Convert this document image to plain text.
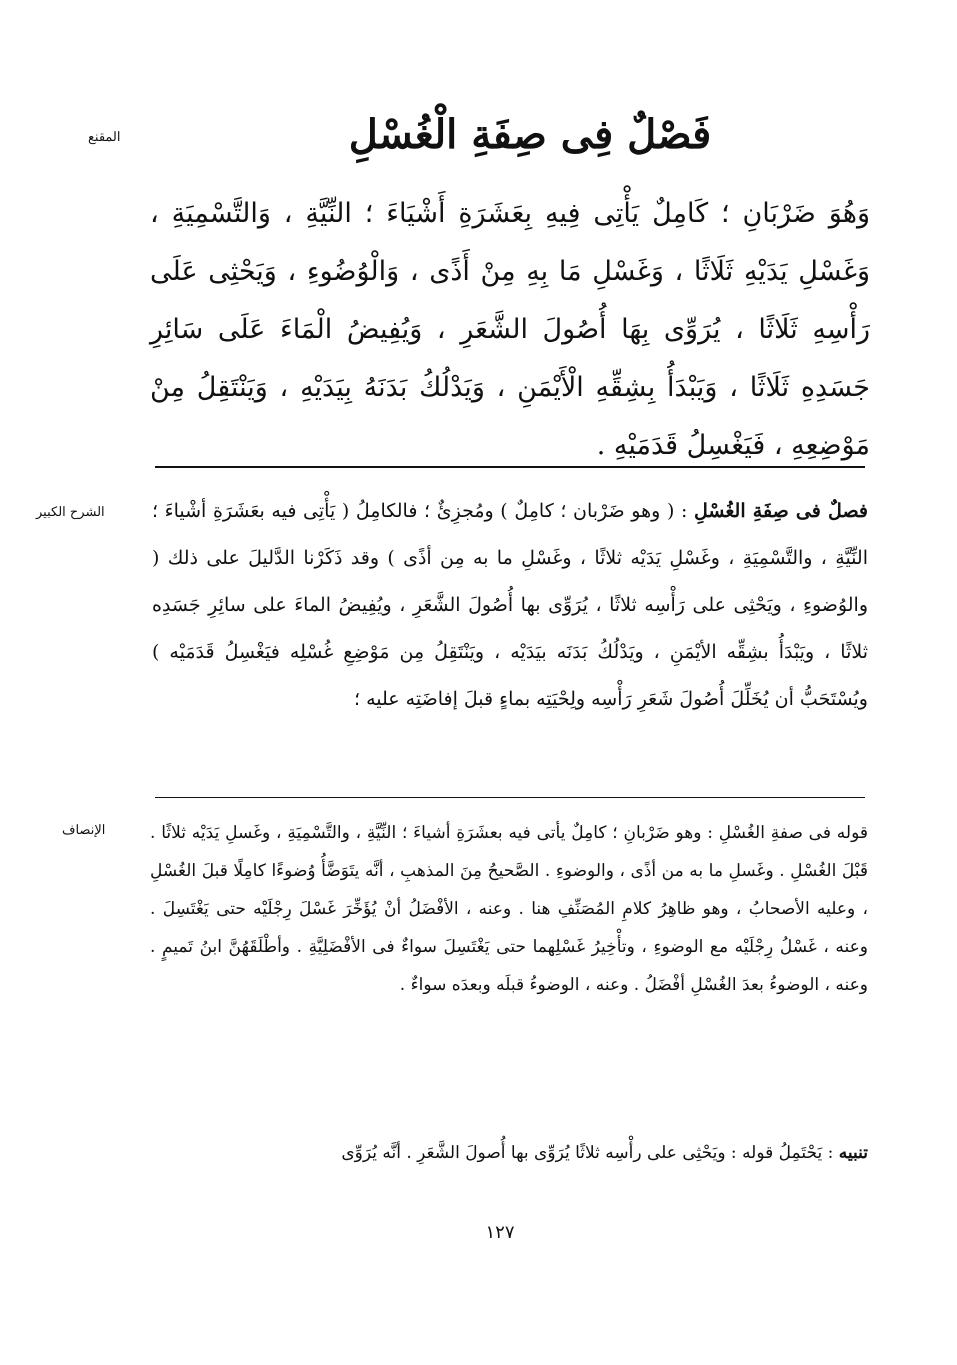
المقنع
الشرح الكبير
الإنصاف
فَصْلٌ فِى صِفَةِ الْغُسْلِ

وَهُوَ ضَرْبَانِ ؛ كَامِلٌ يَأْتِى فِيهِ بِعَشَرَةِ أَشْيَاءَ ؛ النِّيَّةِ ، وَالتَّسْمِيَةِ ، وَغَسْلِ يَدَيْهِ ثَلَاثًا ، وَغَسْلِ مَا بِهِ مِنْ أَذًى ، وَالْوُضُوءِ ، وَيَحْثِى عَلَى رَأْسِهِ ثَلَاثًا ، يُرَوِّى بِهَا أُصُولَ الشَّعَرِ ، وَيُفِيضُ الْمَاءَ عَلَى سَائِرِ جَسَدِهِ ثَلَاثًا ، وَيَبْدَأُ بِشِقِّهِ الْأَيْمَنِ ، وَيَدْلُكُ بَدَنَهُ بِيَدَيْهِ ، وَيَنْتَقِلُ مِنْ مَوْضِعِهِ ، فَيَغْسِلُ قَدَمَيْهِ .

فصلٌ فى صِفَةِ الغُسْلِ : ( وهو ضَرْبان ؛ كامِلٌ ) ومُجزِئٌ ؛ فالكامِلُ ( يَأْتِى فيه بعَشَرَةِ أشْياءَ ؛ النِّيَّةِ ، والتَّسْمِيَةِ ، وغَسْلِ يَدَيْه ثلاثًا ، وغَسْلِ ما به مِن أذًى ) وقد ذَكَرْنا الدَّليلَ على ذلك ( والوُضوءِ ، ويَحْثِى على رَأْسِه ثلاثًا ، يُرَوِّى بها أُصُولَ الشَّعَرِ ، ويُفِيضُ الماءَ على سائِرِ جَسَدِه ثلاثًا ، ويَبْدَأُ بشِقِّه الأيْمَنِ ، ويَدْلُكُ بَدَنَه بيَدَيْه ، ويَنْتَقِلُ مِن مَوْضِعِ غُسْلِه فيَغْسِلُ قَدَمَيْه ) ويُسْتَحَبُّ أن يُخَلِّلَ أُصُولَ شَعَرِ رَأْسِه ولِحْيَتِه بماءٍ قبلَ إفاضَتِه عليه ؛

قوله فى صفةِ الغُسْلِ : وهو ضَرْبانِ ؛ كامِلٌ يأتى فيه بعشَرَةِ أشياءَ ؛ النِّيَّةِ ، والتَّسْمِيَةِ ، وغَسلِ يَدَيْه ثلاثًا . قَبْلَ الغُسْلِ . وغَسلِ ما به من أذًى ، والوضوءِ . الصَّحيحُ مِنَ المذهبِ ، أنَّه يتَوَضَّأُ وُضوءًا كامِلًا قبلَ الغُسْلِ ، وعليه الأصحابُ ، وهو ظاهِرُ كلامِ المُصَنِّفِ هنا . وعنه ، الأفْضَلُ أنْ يُؤَخِّرَ غَسْلَ رِجْلَيْه حتى يَغْتَسِلَ . وعنه ، غَسْلُ رِجْلَيْه مع الوضوءِ ، وتأْخِيرُ غَسْلِهما حتى يَغْتَسِلَ سواءٌ فى الأفْضَلِيَّةِ . وأطْلَقَهُنَّ ابنُ تَميمٍ . وعنه ، الوضوءُ بعدَ الغُسْلِ أفْضَلُ . وعنه ، الوضوءُ قبلَه وبعدَه سواءٌ .

تنبيه : يَحْتَمِلُ قوله : ويَحْثِى على رأْسِه ثلاثًا يُرَوِّى بها أُصولَ الشَّعَرِ . أنَّه يُرَوِّى

١٢٧
